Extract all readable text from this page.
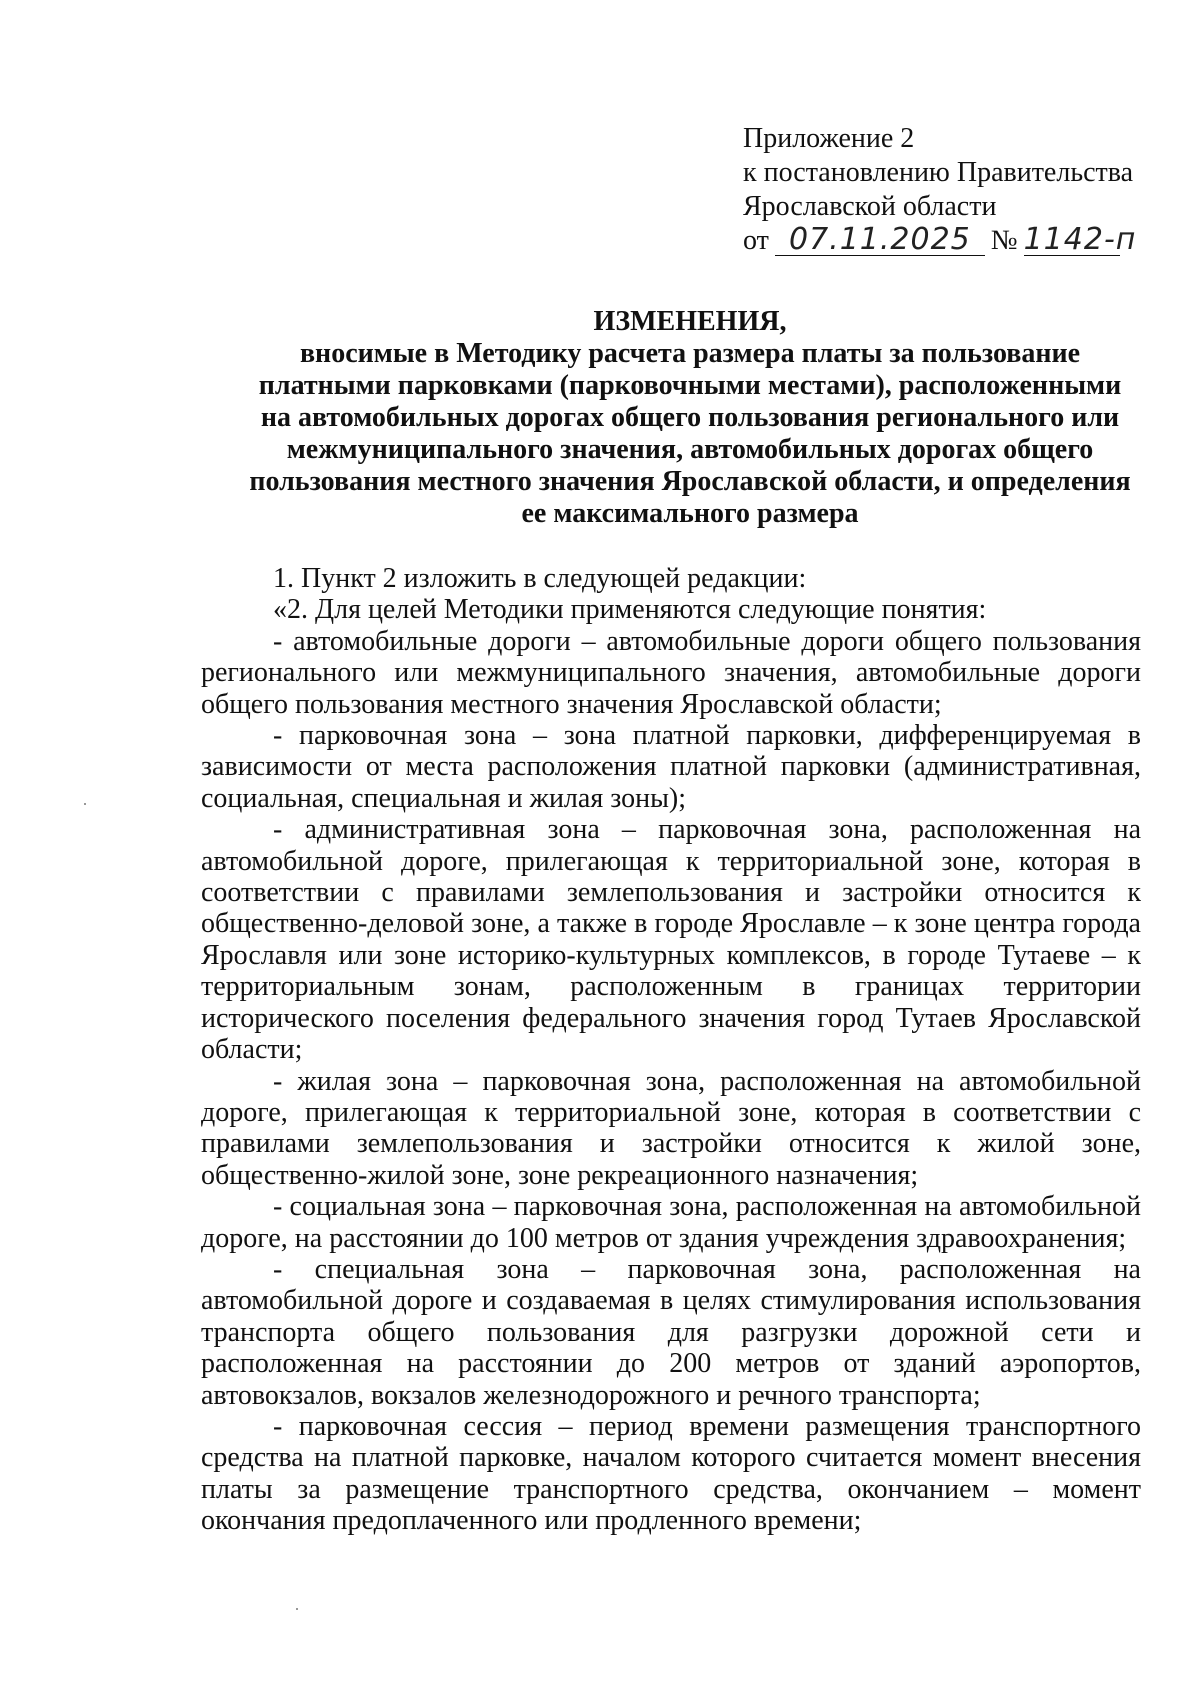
Приложение 2
к постановлению Правительства
Ярославской области
от 07.11.2025 № 1142-п
ИЗМЕНЕНИЯ,
вносимые в Методику расчета размера платы за пользование
платными парковками (парковочными местами), расположенными
на автомобильных дорогах общего пользования регионального или
межмуниципального значения, автомобильных дорогах общего
пользования местного значения Ярославской области, и определения
ее максимального размера
1. Пункт 2 изложить в следующей редакции:
«2. Для целей Методики применяются следующие понятия:
- автомобильные дороги – автомобильные дороги общего пользования
регионального или межмуниципального значения, автомобильные дороги
общего пользования местного значения Ярославской области;
- парковочная зона – зона платной парковки, дифференцируемая в
зависимости от места расположения платной парковки (административная,
социальная, специальная и жилая зоны);
- административная зона – парковочная зона, расположенная на
автомобильной дороге, прилегающая к территориальной зоне, которая в
соответствии с правилами землепользования и застройки относится к
общественно-деловой зоне, а также в городе Ярославле – к зоне центра города
Ярославля или зоне историко-культурных комплексов, в городе Тутаеве – к
территориальным зонам, расположенным в границах территории
исторического поселения федерального значения город Тутаев Ярославской
области;
- жилая зона – парковочная зона, расположенная на автомобильной
дороге, прилегающая к территориальной зоне, которая в соответствии с
правилами землепользования и застройки относится к жилой зоне,
общественно-жилой зоне, зоне рекреационного назначения;
- социальная зона – парковочная зона, расположенная на автомобильной
дороге, на расстоянии до 100 метров от здания учреждения здравоохранения;
- специальная зона – парковочная зона, расположенная на
автомобильной дороге и создаваемая в целях стимулирования использования
транспорта общего пользования для разгрузки дорожной сети и
расположенная на расстоянии до 200 метров от зданий аэропортов,
автовокзалов, вокзалов железнодорожного и речного транспорта;
- парковочная сессия – период времени размещения транспортного
средства на платной парковке, началом которого считается момент внесения
платы за размещение транспортного средства, окончанием – момент
окончания предоплаченного или продленного времени;
